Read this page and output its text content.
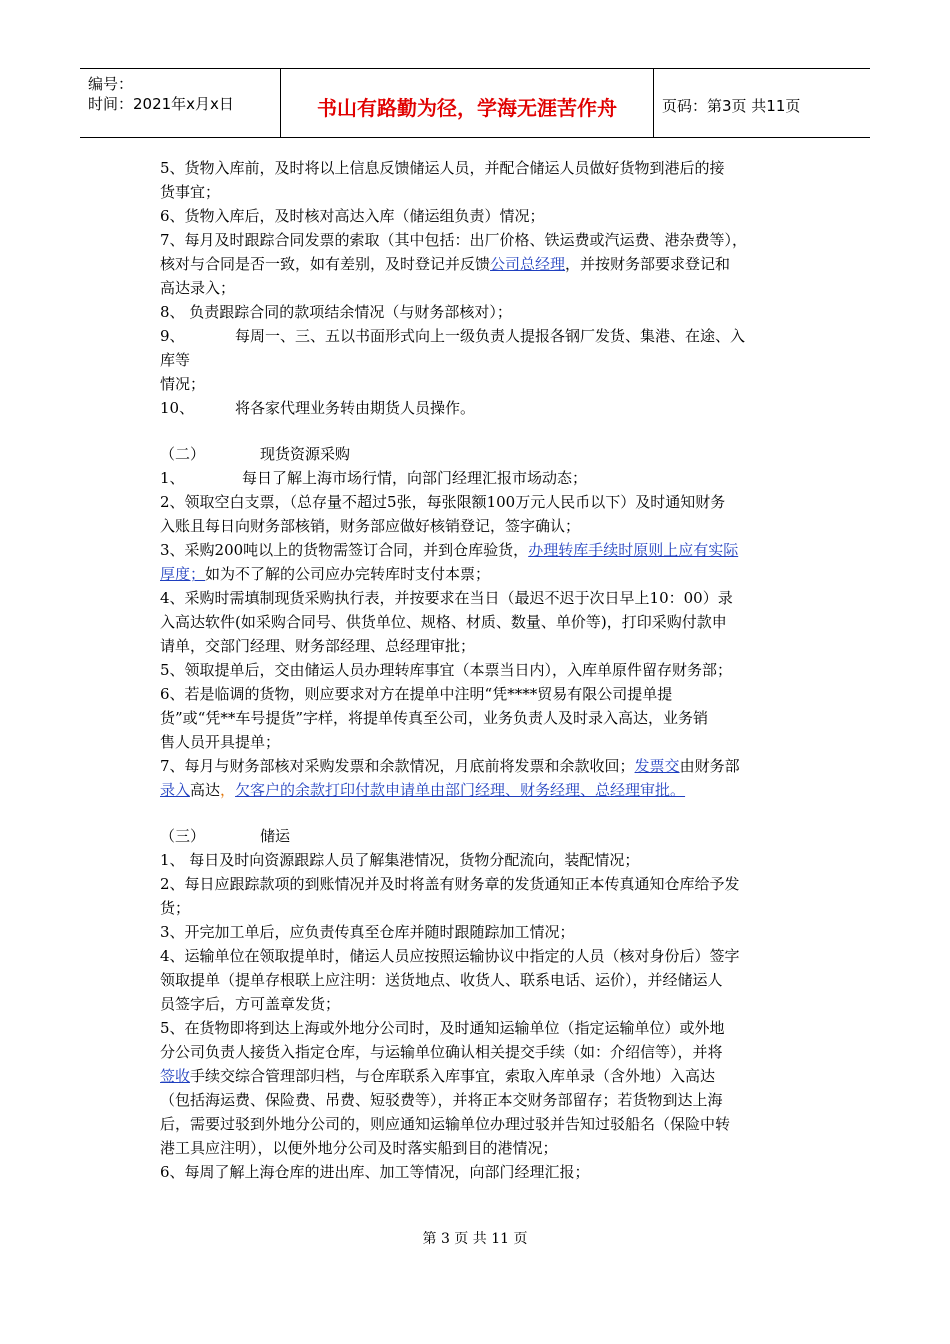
编号：
时间：2021年x月x日	书山有路勤为径，学海无涯苦作舟	页码：第3页 共11页

5、货物入库前，及时将以上信息反馈储运人员，并配合储运人员做好货物到港后的接

货事宜；

6、货物入库后，及时核对高达入库（储运组负责）情况；

7、每月及时跟踪合同发票的索取（其中包括：出厂价格、铁运费或汽运费、港杂费等），

核对与合同是否一致，如有差别，及时登记并反馈公司总经理，并按财务部要求登记和

高达录入；

8、 负责跟踪合同的款项结余情况（与财务部核对）；

9、	每周一、三、五以书面形式向上一级负责人提报各钢厂发货、集港、在途、入

库等

情况；

10、	将各家代理业务转由期货人员操作。

（二）	现货资源采购

1、	每日了解上海市场行情，向部门经理汇报市场动态；

2、领取空白支票，（总存量不超过5张，每张限额100万元人民币以下）及时通知财务

入账且每日向财务部核销，财务部应做好核销登记，签字确认；

3、采购200吨以上的货物需签订合同，并到仓库验货，办理转库手续时原则上应有实际

厚度；如为不了解的公司应办完转库时支付本票；

4、采购时需填制现货采购执行表，并按要求在当日（最迟不迟于次日早上10：00）录

入高达软件(如采购合同号、供货单位、规格、材质、数量、单价等)，打印采购付款申

请单，交部门经理、财务部经理、总经理审批；

5、领取提单后，交由储运人员办理转库事宜（本票当日内），入库单原件留存财务部；

6、若是临调的货物，则应要求对方在提单中注明“凭****贸易有限公司提单提

货”或“凭**车号提货”字样，将提单传真至公司，业务负责人及时录入高达，业务销

售人员开具提单；

7、每月与财务部核对采购发票和余款情况，月底前将发票和余款收回；发票交由财务部

录入高达，欠客户的余款打印付款申请单由部门经理、财务经理、总经理审批。

（三）	储运

1、 每日及时向资源跟踪人员了解集港情况，货物分配流向，装配情况；

2、每日应跟踪款项的到账情况并及时将盖有财务章的发货通知正本传真通知仓库给予发

货；

3、开完加工单后，应负责传真至仓库并随时跟随踪加工情况；

4、运输单位在领取提单时，储运人员应按照运输协议中指定的人员（核对身份后）签字

领取提单（提单存根联上应注明：送货地点、收货人、联系电话、运价），并经储运人

员签字后，方可盖章发货；

5、在货物即将到达上海或外地分公司时，及时通知运输单位（指定运输单位）或外地

分公司负责人接货入指定仓库，与运输单位确认相关提交手续（如：介绍信等），并将

签收手续交综合管理部归档，与仓库联系入库事宜，索取入库单录（含外地）入高达

（包括海运费、保险费、吊费、短驳费等），并将正本交财务部留存；若货物到达上海

后，需要过驳到外地分公司的，则应通知运输单位办理过驳并告知过驳船名（保险中转

港工具应注明），以便外地分公司及时落实船到目的港情况；

6、每周了解上海仓库的进出库、加工等情况，向部门经理汇报；

第 3 页 共 11 页
